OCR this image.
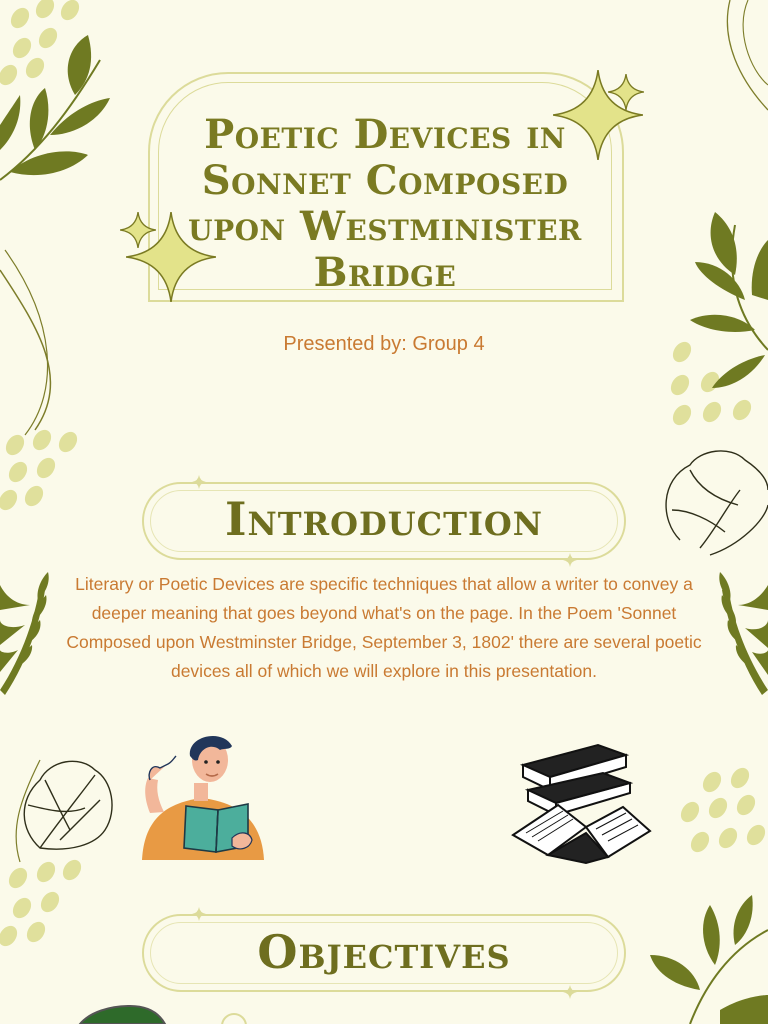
Poetic Devices in Sonnet Composed upon Westminister Bridge

Presented by: Group 4

Introduction

Literary or Poetic Devices are specific techniques that allow a writer to convey a deeper meaning that goes beyond what's on the page. In the Poem 'Sonnet Composed upon Westminster Bridge, September 3, 1802' there are several poetic devices all of which we will explore in this presentation.

Objectives
